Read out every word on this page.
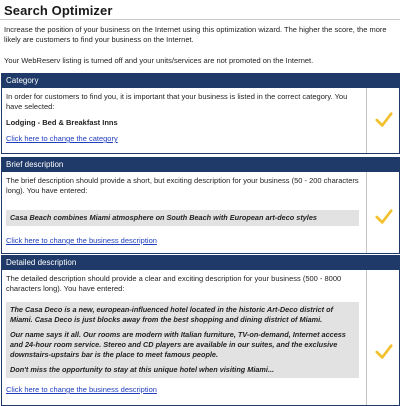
Search Optimizer
Increase the position of your business on the Internet using this optimization wizard. The higher the score, the more likely are customers to find your business on the Internet.
Your WebReserv listing is turned off and your units/services are not promoted on the Internet.
Category
In order for customers to find you, it is important that your business is listed in the correct category. You have selected:
Lodging - Bed & Breakfast Inns
Click here to change the category
Brief description
The brief description should provide a short, but exciting description for your business (50 - 200 characters long). You have entered:
Casa Beach combines Miami atmosphere on South Beach with European art-deco styles
Click here to change the business description
Detailed description
The detailed description should provide a clear and exciting description for your business (500 - 8000 characters long). You have entered:
The Casa Deco is a new, european-influenced hotel located in the historic Art-Deco district of Miami. Casa Deco is just blocks away from the best shopping and dining district of Miami.
Our name says it all. Our rooms are modern with Italian furniture, TV-on-demand, Internet access and 24-hour room service. Stereo and CD players are available in our suites, and the exclusive downstairs-upstairs bar is the place to meet famous people.
Don't miss the opportunity to stay at this unique hotel when visiting Miami...
Click here to change the business description
